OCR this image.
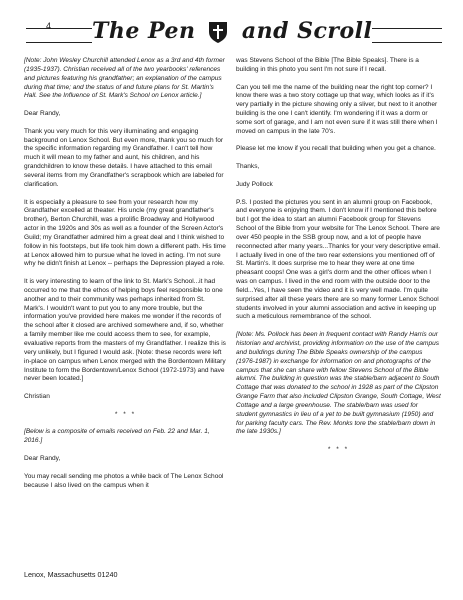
4 The Pen and Scroll

[Note: John Wesley Churchill attended Lenox as a 3rd and 4th former (1935-1937). Christian received all of the two yearbooks' references and pictures featuring his grandfather; an explanation of the campus during that time; and the status of and future plans for St. Martin's Hall. See the Influence of St. Mark's School on Lenox article.]

Dear Randy,

Thank you very much for this very illuminating and engaging background on Lenox School. But even more, thank you so much for the specific information regarding my Grandfather. I can't tell how much it will mean to my father and aunt, his children, and his grandchildren to know these details. I have attached to this email several items from my Grandfather's scrapbook which are labeled for clarification.

It is especially a pleasure to see from your research how my Grandfather excelled at theater. His uncle (my great grandfather's brother), Berton Churchill, was a prolific Broadway and Hollywood actor in the 1920s and 30s as well as a founder of the Screen Actor's Guild; my Grandfather admired him a great deal and I think wished to follow in his footsteps, but life took him down a different path. His time at Lenox allowed him to pursue what he loved in acting. I'm not sure why he didn't finish at Lenox -- perhaps the Depression played a role.

It is very interesting to learn of the link to St. Mark's School...it had occurred to me that the ethos of helping boys feel responsible to one another and to their community was perhaps inherited from St. Mark's. I wouldn't want to put you to any more trouble, but the information you've provided here makes me wonder if the records of the school after it closed are archived somewhere and, if so, whether a family member like me could access them to see, for example, evaluative reports from the masters of my Grandfather. I realize this is very unlikely, but I figured I would ask. [Note: these records were left in-place on campus when Lenox merged with the Bordentown Military Institute to form the Bordentown/Lenox School (1972-1973) and have never been located.]

Christian

* * *

[Below is a composite of emails received on Feb. 22 and Mar. 1, 2016.]

Dear Randy,

You may recall sending me photos a while back of The Lenox School because I also lived on the campus when it

was Stevens School of the Bible [The Bible Speaks]. There is a building in this photo you sent I'm not sure if I recall.

Can you tell me the name of the building near the right top corner? I know there was a two story cottage up that way, which looks as if it's very partially in the picture showing only a sliver, but next to it another building is the one I can't identify. I'm wondering if it was a dorm or some sort of garage, and I am not even sure if it was still there when I moved on campus in the late 70's.

Please let me know if you recall that building when you get a chance.

Thanks,

Judy Pollock

P.S. I posted the pictures you sent in an alumni group on Facebook, and everyone is enjoying them. I don't know if I mentioned this before but I got the idea to start an alumni Facebook group for Stevens School of the Bible from your website for The Lenox School. There are over 450 people in the SSB group now, and a lot of people have reconnected after many years...Thanks for your very descriptive email. I actually lived in one of the two rear extensions you mentioned off of St. Martin's. It does surprise me to hear they were at one time pheasant coops! One was a girl's dorm and the other offices when I was on campus. I lived in the end room with the outside door to the field...Yes, I have seen the video and it is very well made. I'm quite surprised after all these years there are so many former Lenox School students involved in your alumni association and active in keeping up such a meticulous remembrance of the school.

[Note: Ms. Pollock has been in frequent contact with Randy Harris our historian and archivist, providing information on the use of the campus and buildings during The Bible Speaks ownership of the campus (1976-1987) in exchange for information on and photographs of the campus that she can share with fellow Stevens School of the Bible alumni. The building in question was the stable/barn adjacent to South Cottage that was donated to the school in 1928 as part of the Clipston Grange Farm that also included Clipston Grange, South Cottage, West Cottage and a large greenhouse. The stable/barn was used for student gymnastics in lieu of a yet to be built gymnasium (1950) and for parking faculty cars. The Rev. Monks tore the stable/barn down in the late 1930s.]

* * *

Lenox, Massachusetts 01240
